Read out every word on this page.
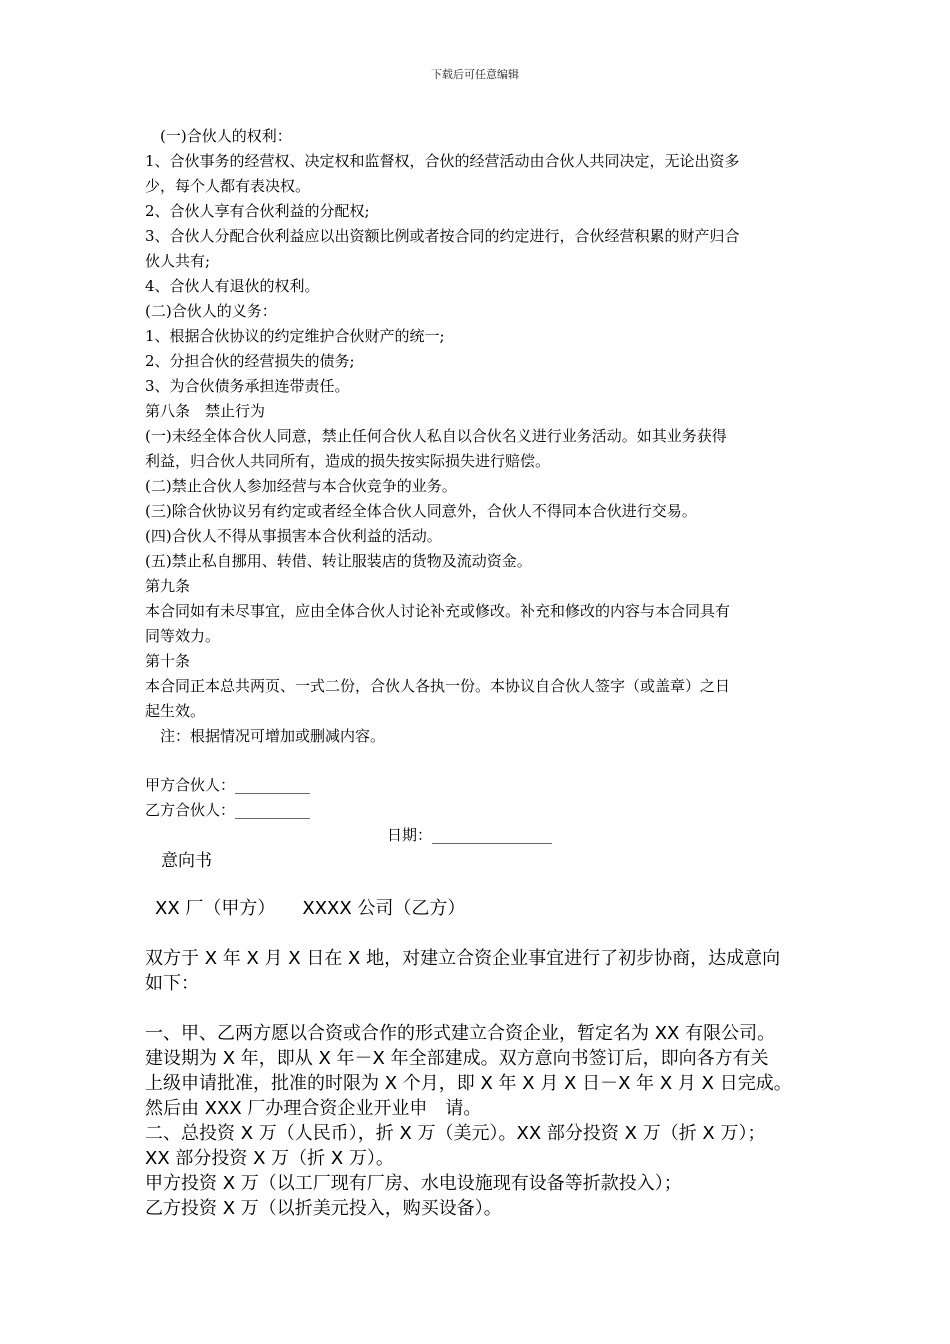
下载后可任意编辑
　(一)合伙人的权利：
1、合伙事务的经营权、决定权和监督权，合伙的经营活动由合伙人共同决定，无论出资多
少，每个人都有表决权。
2、合伙人享有合伙利益的分配权;
3、合伙人分配合伙利益应以出资额比例或者按合同的约定进行，合伙经营积累的财产归合
伙人共有;
4、合伙人有退伙的权利。
(二)合伙人的义务：
1、根据合伙协议的约定维护合伙财产的统一;
2、分担合伙的经营损失的债务;
3、为合伙债务承担连带责任。
第八条　禁止行为
(一)未经全体合伙人同意，禁止任何合伙人私自以合伙名义进行业务活动。如其业务获得
利益，归合伙人共同所有，造成的损失按实际损失进行赔偿。
(二)禁止合伙人参加经营与本合伙竞争的业务。
(三)除合伙协议另有约定或者经全体合伙人同意外，合伙人不得同本合伙进行交易。
(四)合伙人不得从事损害本合伙利益的活动。
(五)禁止私自挪用、转借、转让服装店的货物及流动资金。
第九条
本合同如有未尽事宜，应由全体合伙人讨论补充或修改。补充和修改的内容与本合同具有
同等效力。
第十条
本合同正本总共两页、一式二份，合伙人各执一份。本协议自合伙人签字（或盖章）之日
起生效。
　注：根据情况可增加或删减内容。
甲方合伙人：__________
乙方合伙人：__________
日期：________________
意向书
XX 厂（甲方）　　XXXX 公司（乙方）
双方于 X 年 X 月 X 日在 X 地，对建立合资企业事宜进行了初步协商，达成意向
如下：
一、甲、乙两方愿以合资或合作的形式建立合资企业，暂定名为 XX 有限公司。
建设期为 X 年，即从 X 年－X 年全部建成。双方意向书签订后，即向各方有关
上级申请批准，批准的时限为 X 个月，即 X 年 X 月 X 日－X 年 X 月 X 日完成。
然后由 XXX 厂办理合资企业开业申　请。
二、总投资 X 万（人民币），折 X 万（美元）。XX 部分投资 X 万（折 X 万）；
XX 部分投资 X 万（折 X 万）。
甲方投资 X 万（以工厂现有厂房、水电设施现有设备等折款投入）；
乙方投资 X 万（以折美元投入，购买设备）。
